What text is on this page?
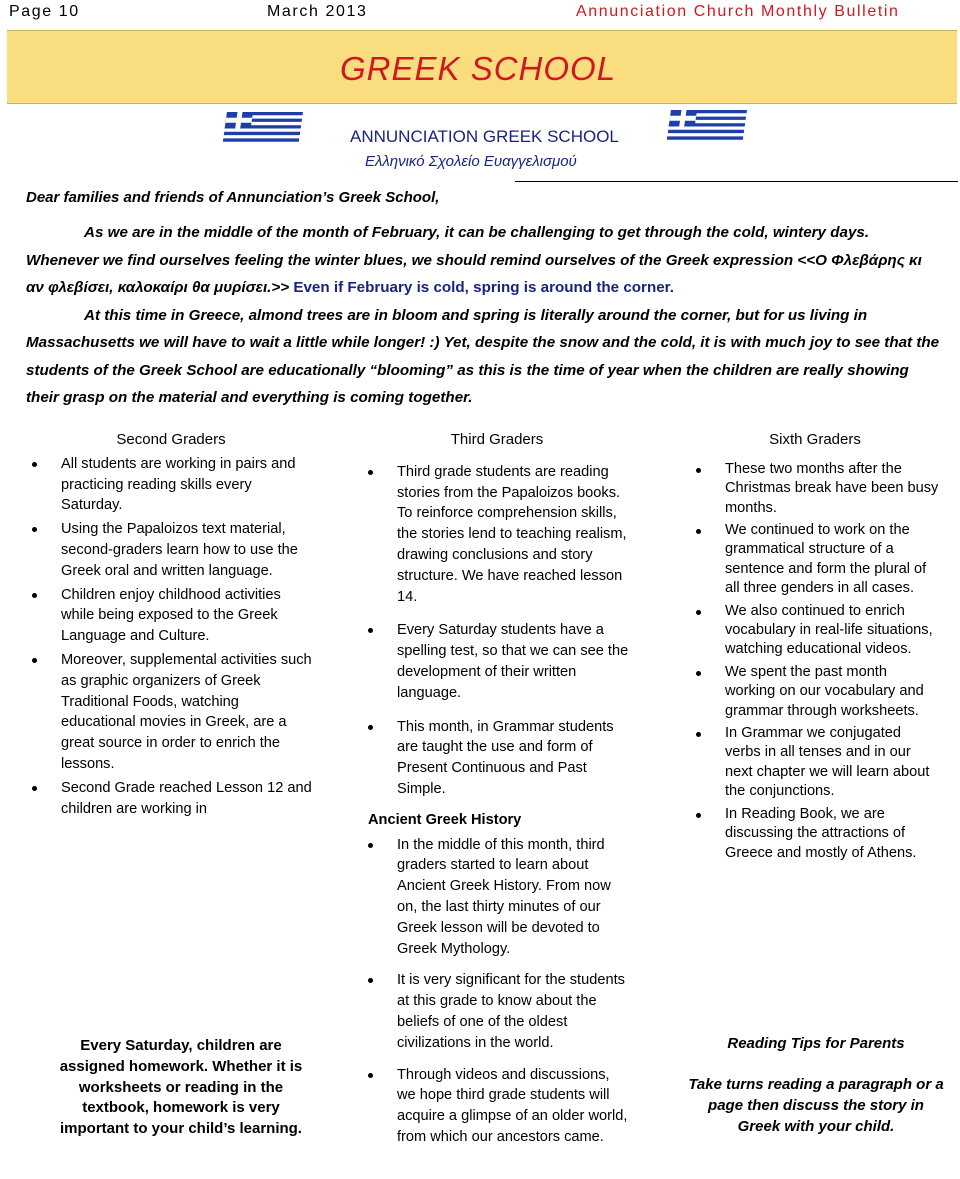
Page 10	March 2013	Annunciation Church Monthly Bulletin
GREEK SCHOOL
ANNUNCIATION GREEK SCHOOL
Ελληνικό Σχολείο Ευαγγελισμού
Dear families and friends of Annunciation’s Greek School,

As we are in the middle of the month of February, it can be challenging to get through the cold, wintery days. Whenever we find ourselves feeling the winter blues, we should remind ourselves of the Greek expression <<Ο Φλεβάρης κι αν φλεβίσει, καλοκαίρι θα μυρίσει.>> Even if February is cold, spring is around the corner.

At this time in Greece, almond trees are in bloom and spring is literally around the corner, but for us living in Massachusetts we will have to wait a little while longer! :) Yet, despite the snow and the cold, it is with much joy to see that the students of the Greek School are educationally “blooming” as this is the time of year when the children are really showing their grasp on the material and everything is coming together.

Second Graders
All students are working in pairs and practicing reading skills every Saturday.
Using the Papaloizos text material, second-graders learn how to use the Greek oral and written language.
Children enjoy childhood activities while being exposed to the Greek Language and Culture.
Moreover, supplemental activities such as graphic organizers of Greek Traditional Foods, watching educational movies in Greek, are a great source in order to enrich the lessons.
Second Grade reached Lesson 12 and children are working in
Every Saturday, children are assigned homework. Whether it is worksheets or reading in the textbook, homework is very important to your child’s learning.
Third Graders
Third grade students are reading stories from the Papaloizos books. To reinforce comprehension skills, the stories lend to teaching realism, drawing conclusions and story structure. We have reached lesson 14.
Every Saturday students have a spelling test, so that we can see the development of their written language.
This month, in Grammar students are taught the use and form of Present Continuous and Past Simple.
Ancient Greek History
In the middle of this month, third graders started to learn about Ancient Greek History. From now on, the last thirty minutes of our Greek lesson will be devoted to Greek Mythology.
It is very significant for the students at this grade to know about the beliefs of one of the oldest civilizations in the world.
Through videos and discussions, we hope third grade students will acquire a glimpse of an older world, from which our ancestors came.
Sixth Graders
These two months after the Christmas break have been busy months.
We continued to work on the grammatical structure of a sentence and form the plural of all three genders in all cases.
We also continued to enrich vocabulary in real-life situations, watching educational videos.
We spent the past month working on our vocabulary and grammar through worksheets.
In Grammar we conjugated verbs in all tenses and in our next chapter we will learn about the conjunctions.
In Reading Book, we are discussing the attractions of Greece and mostly of Athens.
Reading Tips for Parents
Take turns reading a paragraph or a page then discuss the story in Greek with your child.
